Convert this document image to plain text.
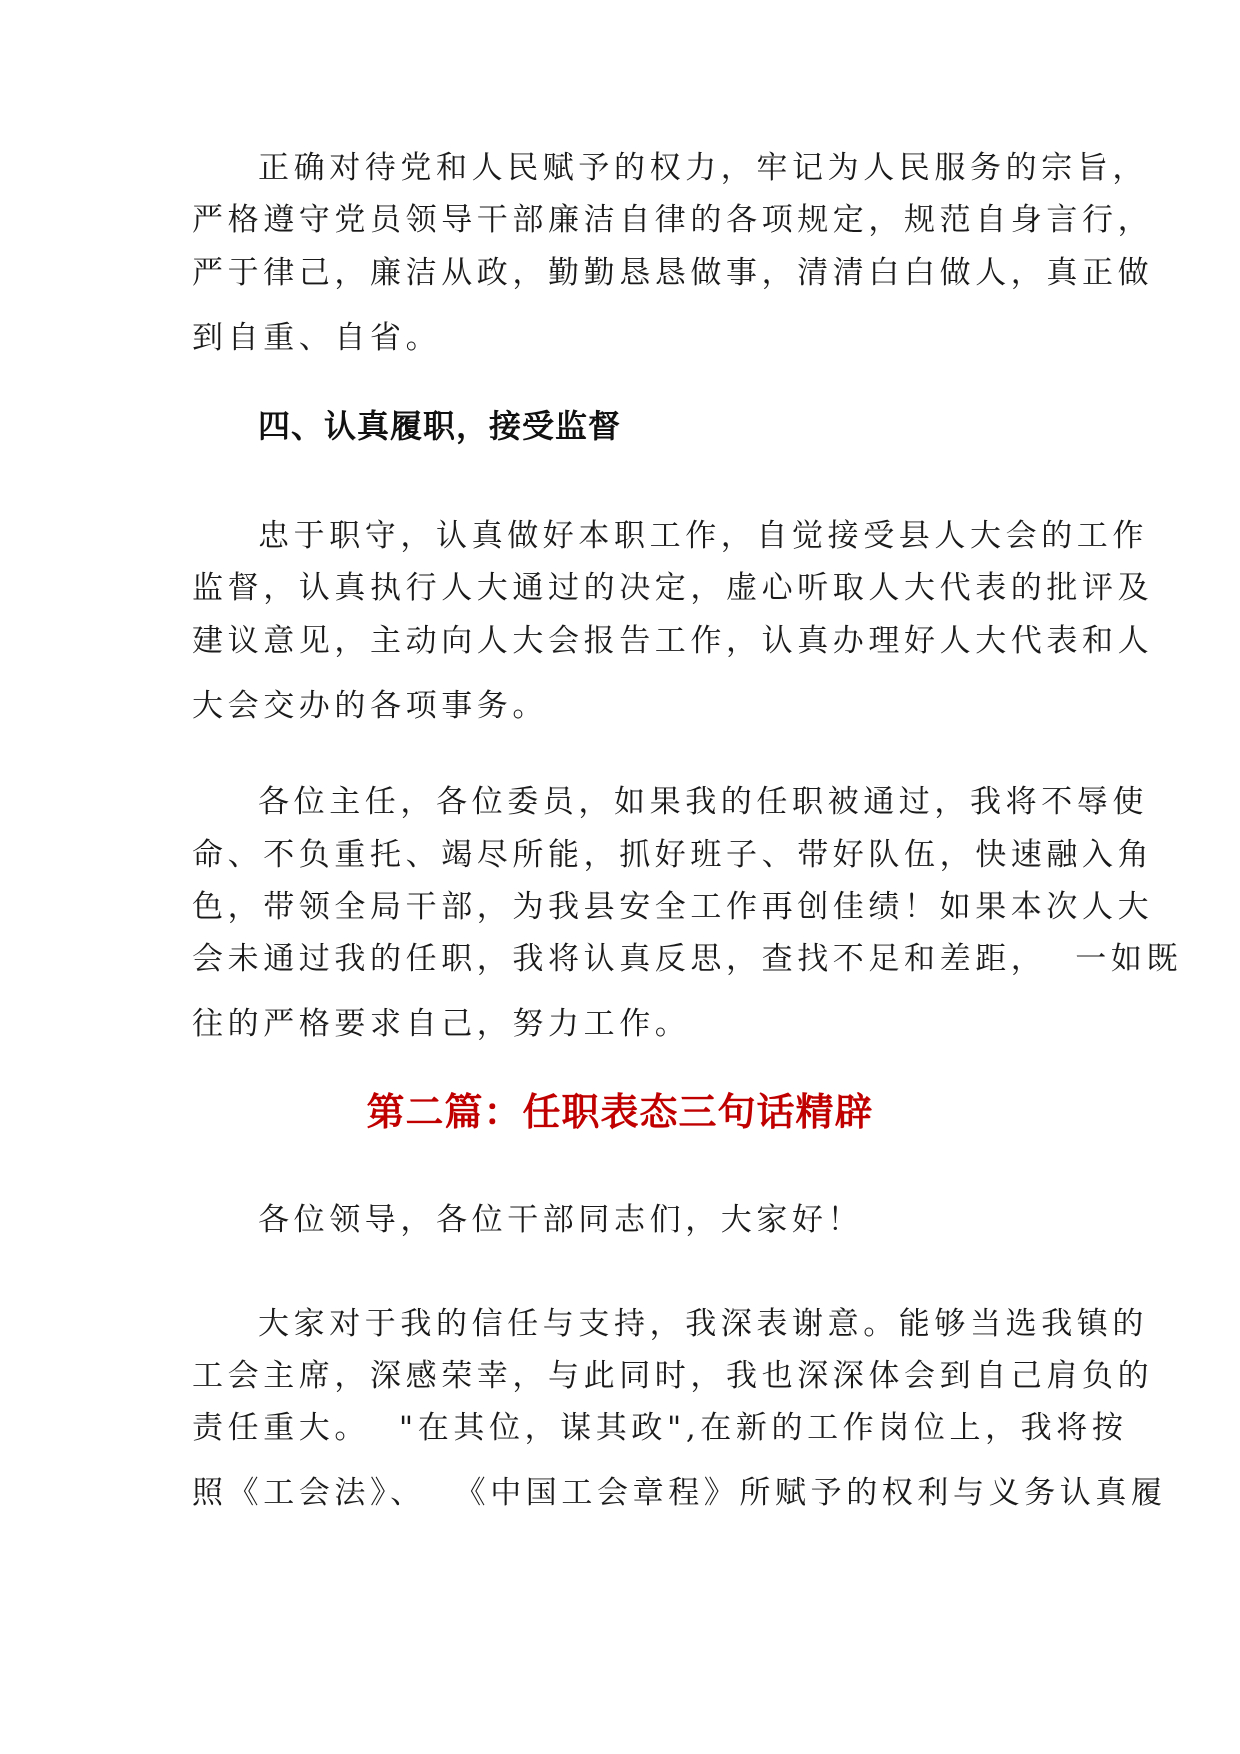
正确对待党和人民赋予的权力，牢记为人民服务的宗旨，
严格遵守党员领导干部廉洁自律的各项规定，规范自身言行，
严于律己，廉洁从政，勤勤恳恳做事，清清白白做人，真正做
到自重、自省。
四、认真履职，接受监督
忠于职守，认真做好本职工作，自觉接受县人大会的工作
监督，认真执行人大通过的决定，虚心听取人大代表的批评及
建议意见，主动向人大会报告工作，认真办理好人大代表和人
大会交办的各项事务。
各位主任，各位委员，如果我的任职被通过，我将不辱使
命、不负重托、竭尽所能，抓好班子、带好队伍，快速融入角
色，带领全局干部，为我县安全工作再创佳绩！如果本次人大
会未通过我的任职，我将认真反思，查找不足和差距，  一如既
往的严格要求自己，努力工作。
第二篇：任职表态三句话精辟
各位领导，各位干部同志们，大家好！
大家对于我的信任与支持，我深表谢意。能够当选我镇的
工会主席，深感荣幸，与此同时，我也深深体会到自己肩负的
责任重大。  "在其位，谋其政",在新的工作岗位上，我将按
照《工会法》、  《中国工会章程》所赋予的权利与义务认真履
